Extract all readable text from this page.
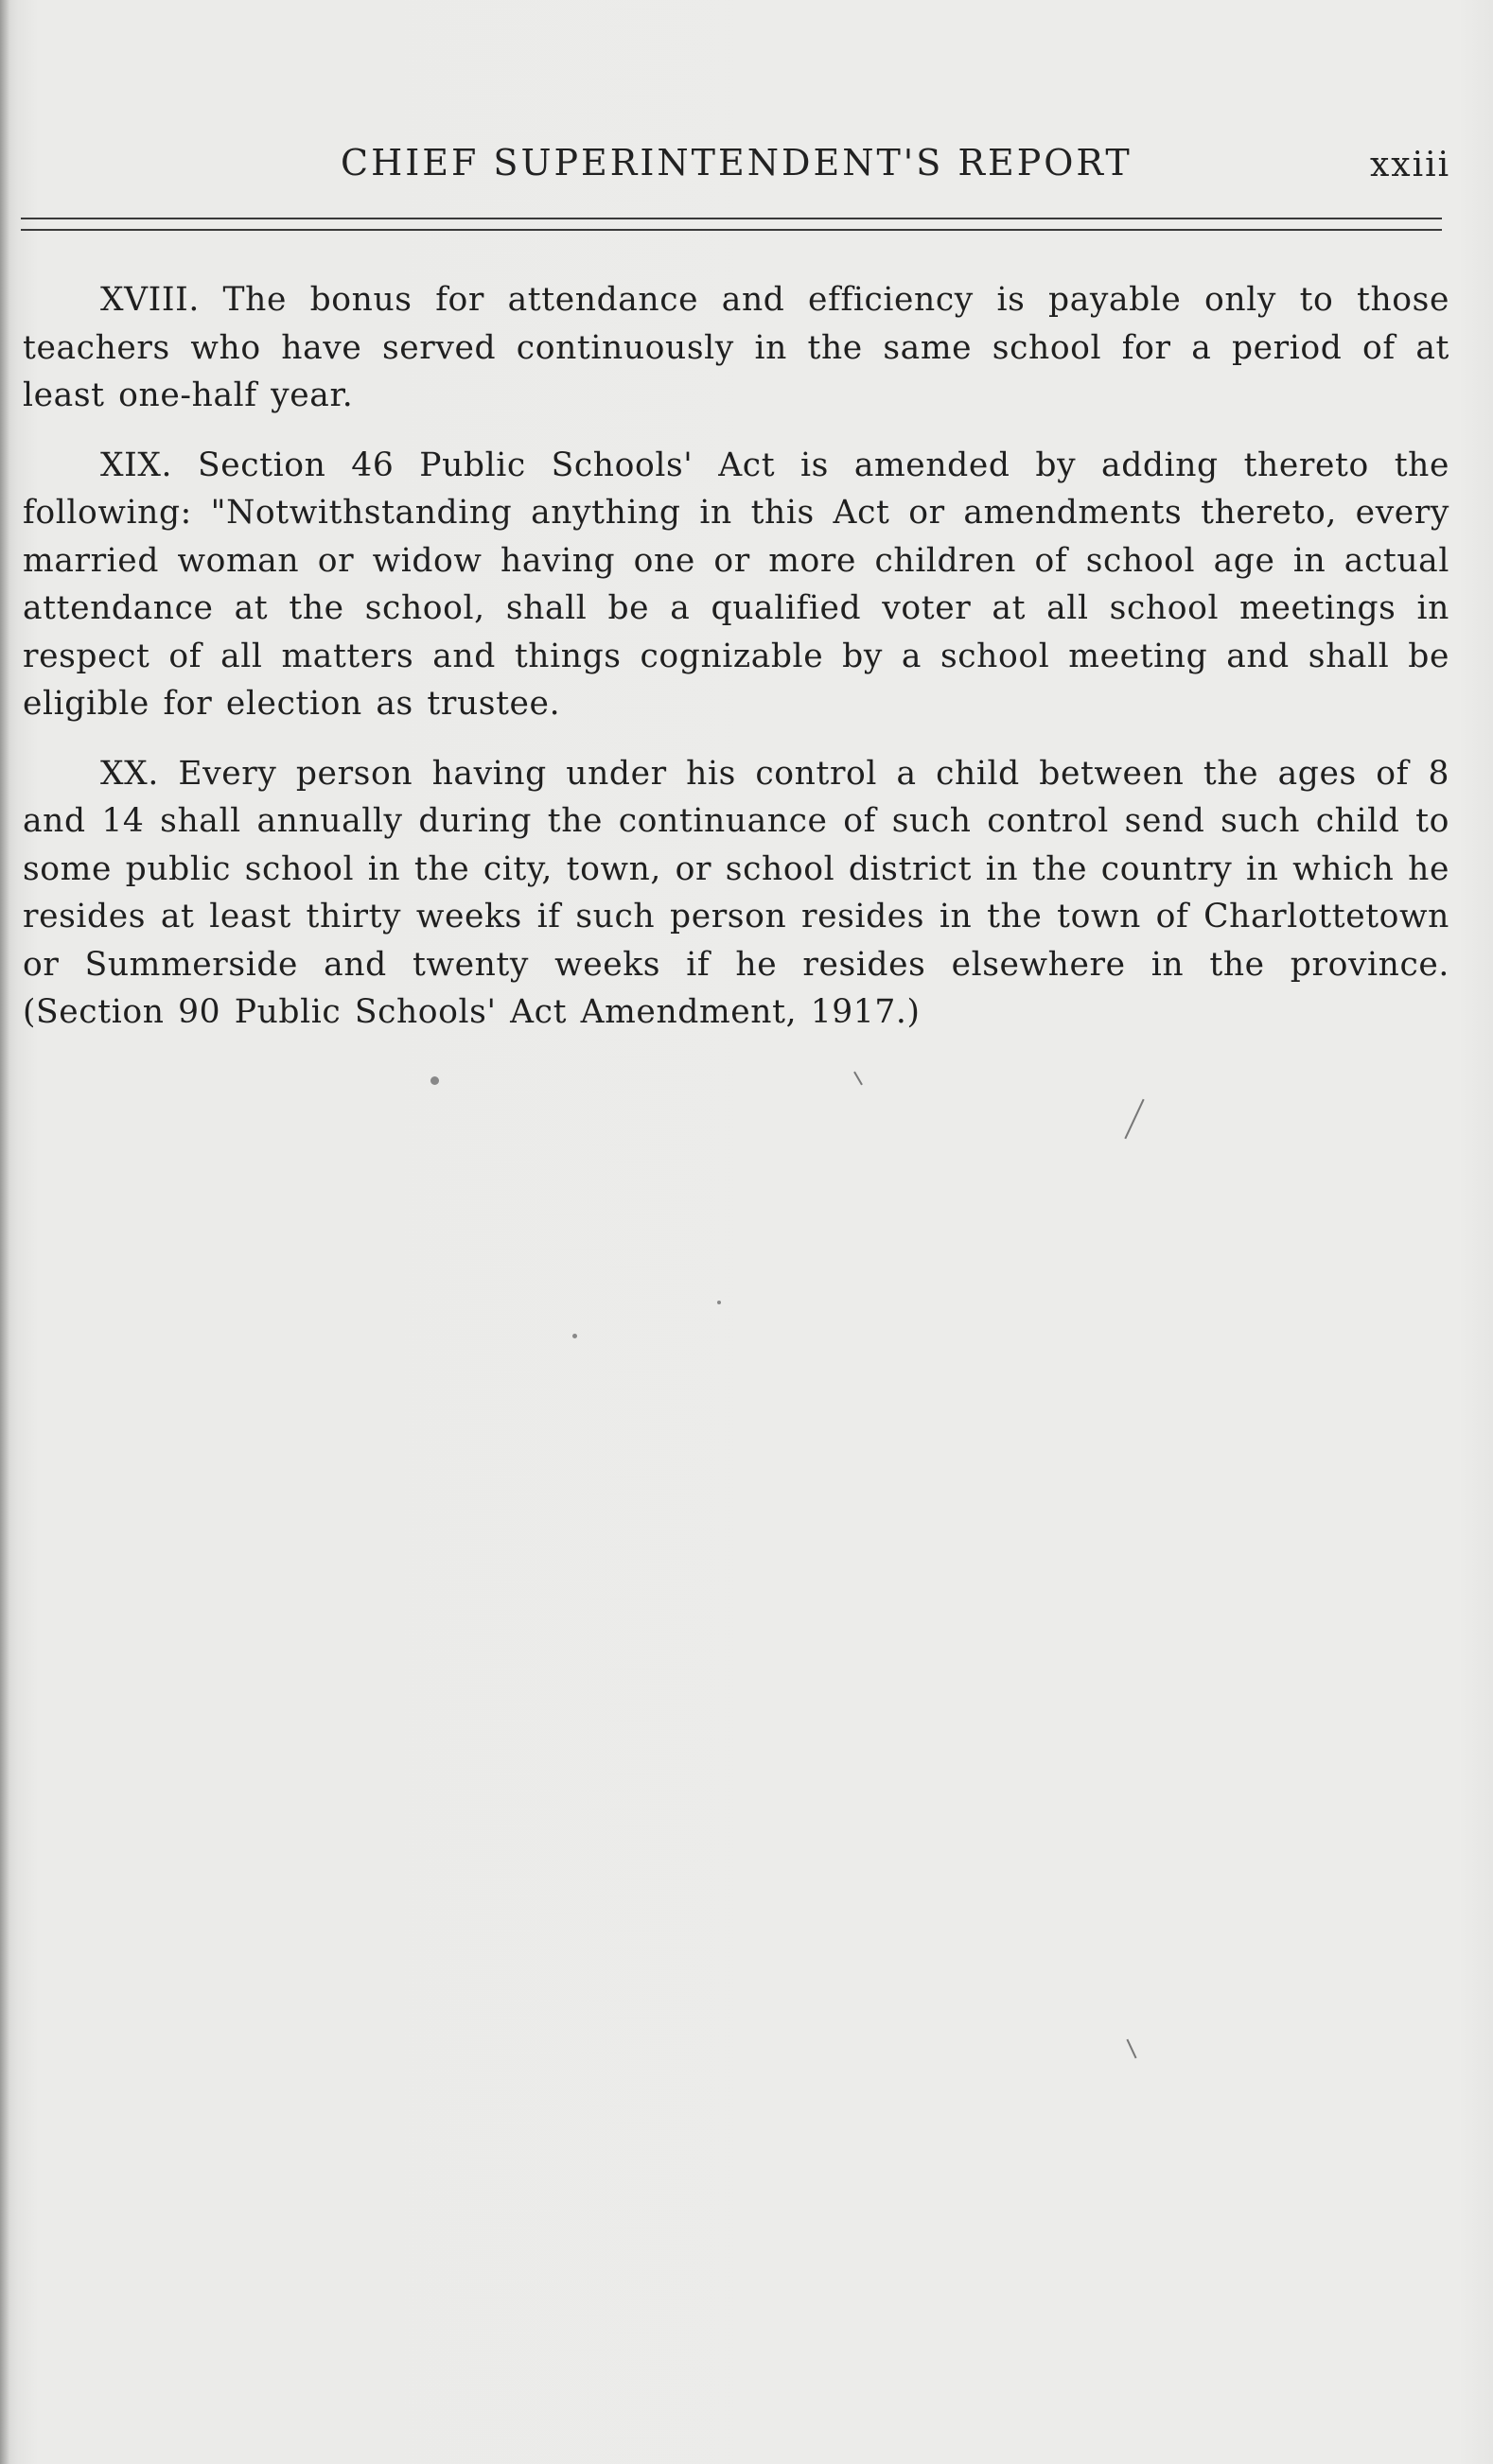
CHIEF SUPERINTENDENT'S REPORT	xxiii

XVIII. The bonus for attendance and efficiency is payable only to those teachers who have served continuously in the same school for a period of at least one-half year.

XIX. Section 46 Public Schools' Act is amended by adding thereto the following: "Notwithstanding anything in this Act or amendments thereto, every married woman or widow having one or more children of school age in actual attendance at the school, shall be a qualified voter at all school meetings in respect of all matters and things cognizable by a school meeting and shall be eligible for election as trustee.

XX. Every person having under his control a child between the ages of 8 and 14 shall annually during the continuance of such control send such child to some public school in the city, town, or school district in the country in which he resides at least thirty weeks if such person resides in the town of Charlottetown or Summerside and twenty weeks if he resides elsewhere in the province. (Section 90 Public Schools' Act Amendment, 1917.)
